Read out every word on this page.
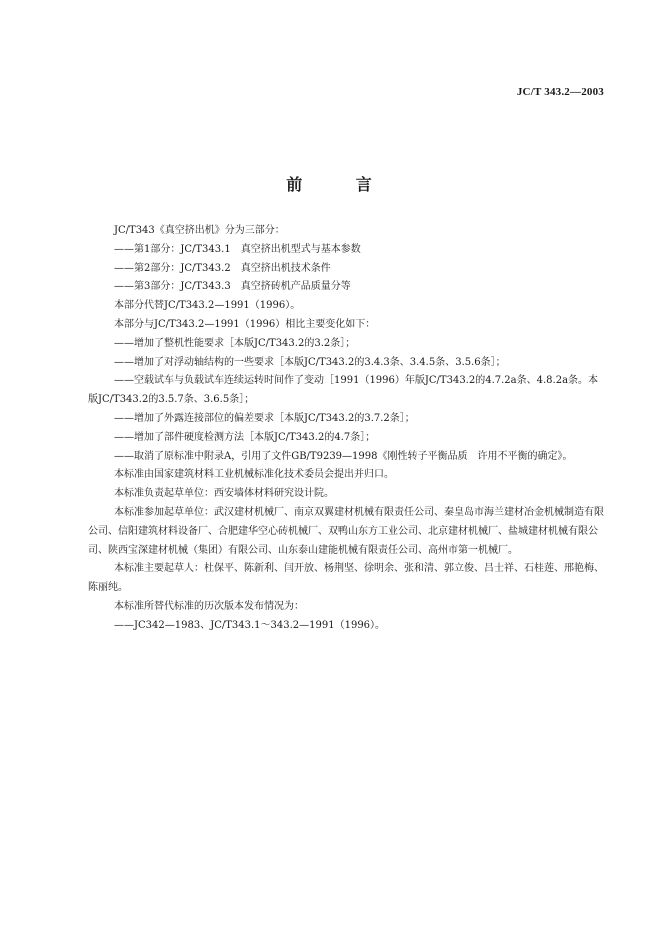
JC/T 343.2—2003
前 言

JC/T343《真空挤出机》分为三部分：

——第1部分：JC/T343.1　真空挤出机型式与基本参数

——第2部分：JC/T343.2　真空挤出机技术条件

——第3部分：JC/T343.3　真空挤砖机产品质量分等

本部分代替JC/T343.2—1991（1996）。

本部分与JC/T343.2—1991（1996）相比主要变化如下：

——增加了整机性能要求［本版JC/T343.2的3.2条］；

——增加了对浮动轴结构的一些要求［本版JC/T343.2的3.4.3条、3.4.5条、3.5.6条］；

——空载试车与负载试车连续运转时间作了变动［1991（1996）年版JC/T343.2的4.7.2a条、4.8.2a条。本版JC/T343.2的3.5.7条、3.6.5条］；

——增加了外露连接部位的偏差要求［本版JC/T343.2的3.7.2条］；

——增加了部件硬度检测方法［本版JC/T343.2的4.7条］；

——取消了原标准中附录A，引用了文件GB/T9239—1998《刚性转子平衡品质　许用不平衡的确定》。

本标准由国家建筑材料工业机械标准化技术委员会提出并归口。

本标准负责起草单位：西安墙体材料研究设计院。

本标准参加起草单位：武汉建材机械厂、南京双翼建材机械有限责任公司、秦皇岛市海兰建材冶金机械制造有限公司、信阳建筑材料设备厂、合肥建华空心砖机械厂、双鸭山东方工业公司、北京建材机械厂、盐城建材机械有限公司、陕西宝深建材机械（集团）有限公司、山东泰山建能机械有限责任公司、高州市第一机械厂。

本标准主要起草人：杜保平、陈新利、闫开放、杨荆坚、徐明余、张和清、郭立俊、吕士祥、石桂莲、邢艳梅、陈丽纯。

本标准所替代标准的历次版本发布情况为：

——JC342—1983、JC/T343.1～343.2—1991（1996）。
